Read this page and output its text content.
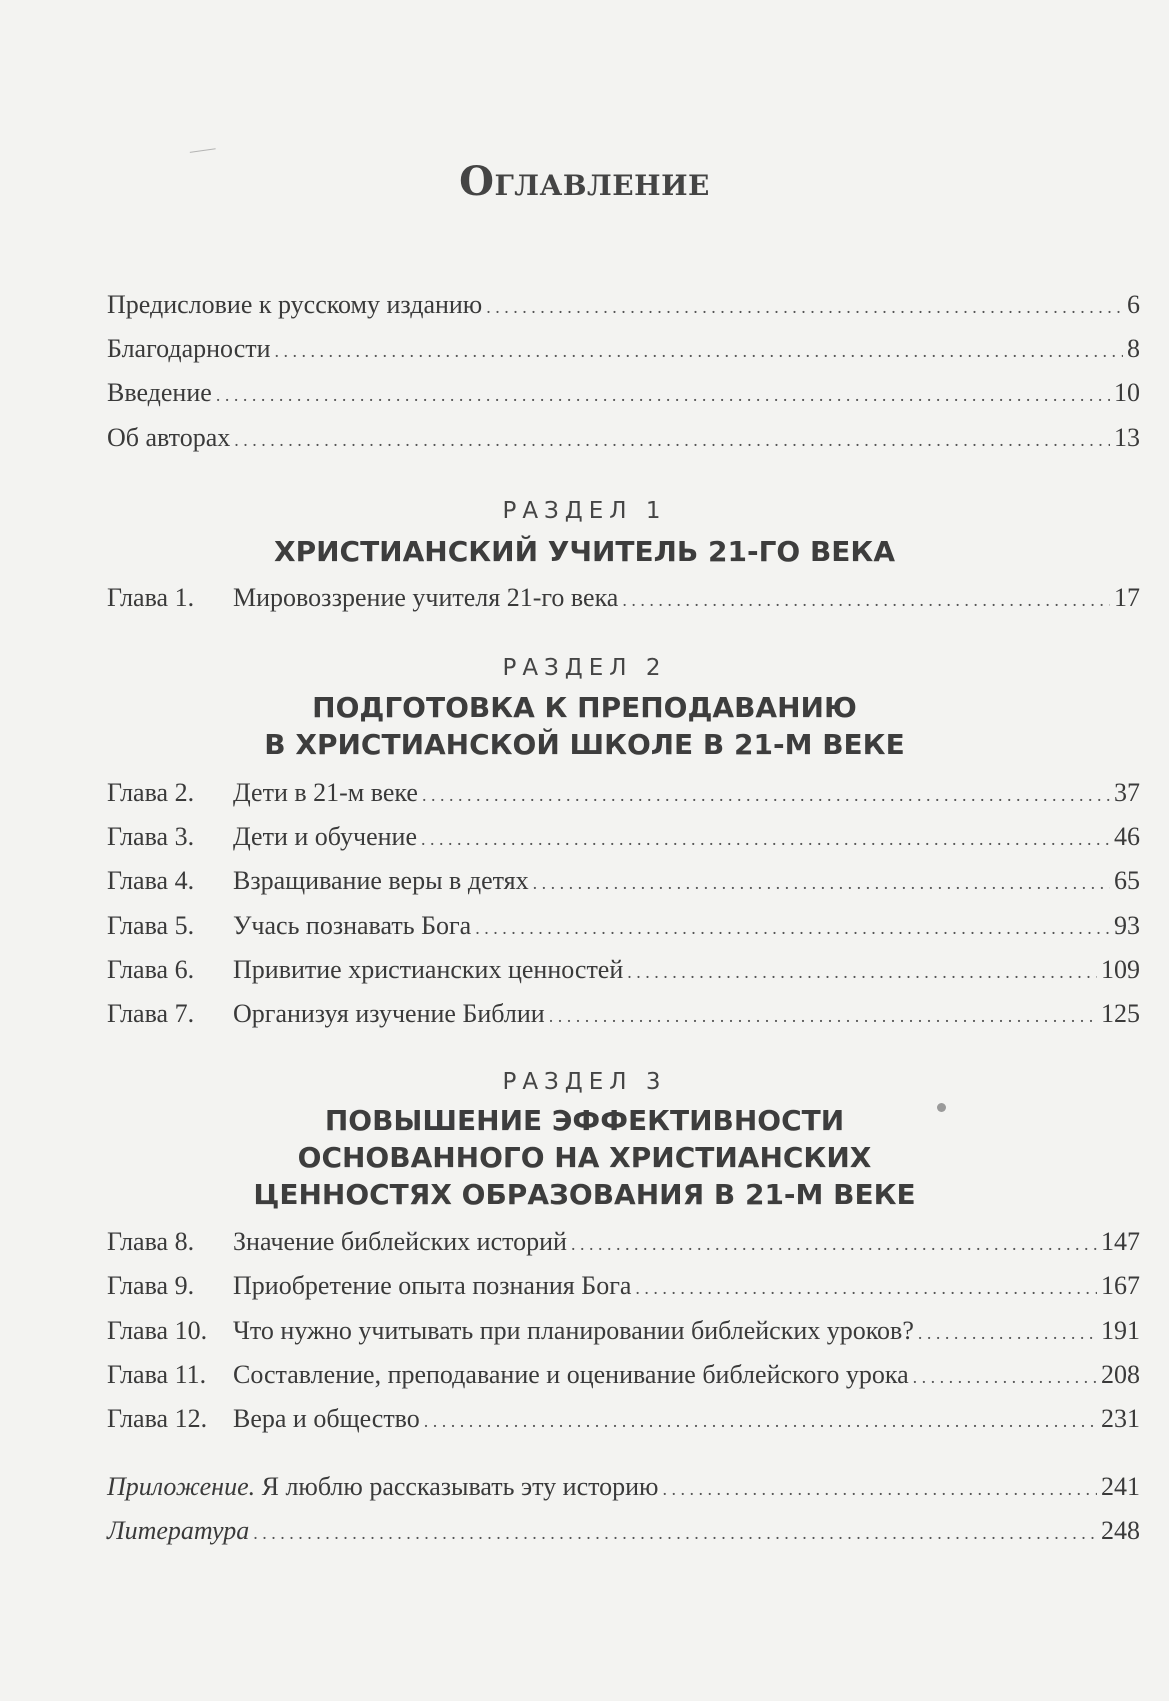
Оглавление
Предисловие к русскому изданию . . .	6
Благодарности . . .	8
Введение . . .	10
Об авторах . . .	13
РАЗДЕЛ 1
ХРИСТИАНСКИЙ УЧИТЕЛЬ 21-ГО ВЕКА
Глава 1.	Мировоззрение учителя 21-го века . . .	17
РАЗДЕЛ 2
ПОДГОТОВКА К ПРЕПОДАВАНИЮ
В ХРИСТИАНСКОЙ ШКОЛЕ В 21-М ВЕКЕ
Глава 2.	Дети в 21-м веке . . .	37
Глава 3.	Дети и обучение . . .	46
Глава 4.	Взращивание веры в детях . . .	65
Глава 5.	Учась познавать Бога . . .	93
Глава 6.	Привитие христианских ценностей . . .	109
Глава 7.	Организуя изучение Библии . . .	125
РАЗДЕЛ 3
ПОВЫШЕНИЕ ЭФФЕКТИВНОСТИ
ОСНОВАННОГО НА ХРИСТИАНСКИХ
ЦЕННОСТЯХ ОБРАЗОВАНИЯ В 21-М ВЕКЕ
Глава 8.	Значение библейских историй . . .	147
Глава 9.	Приобретение опыта познания Бога . . .	167
Глава 10. Что нужно учитывать при планировании библейских уроков? . . .	191
Глава 11.	Составление, преподавание и оценивание библейского урока . . .	208
Глава 12. Вера и общество . . .	231
Приложение. Я люблю рассказывать эту историю . . .	241
Литература . . .	248
